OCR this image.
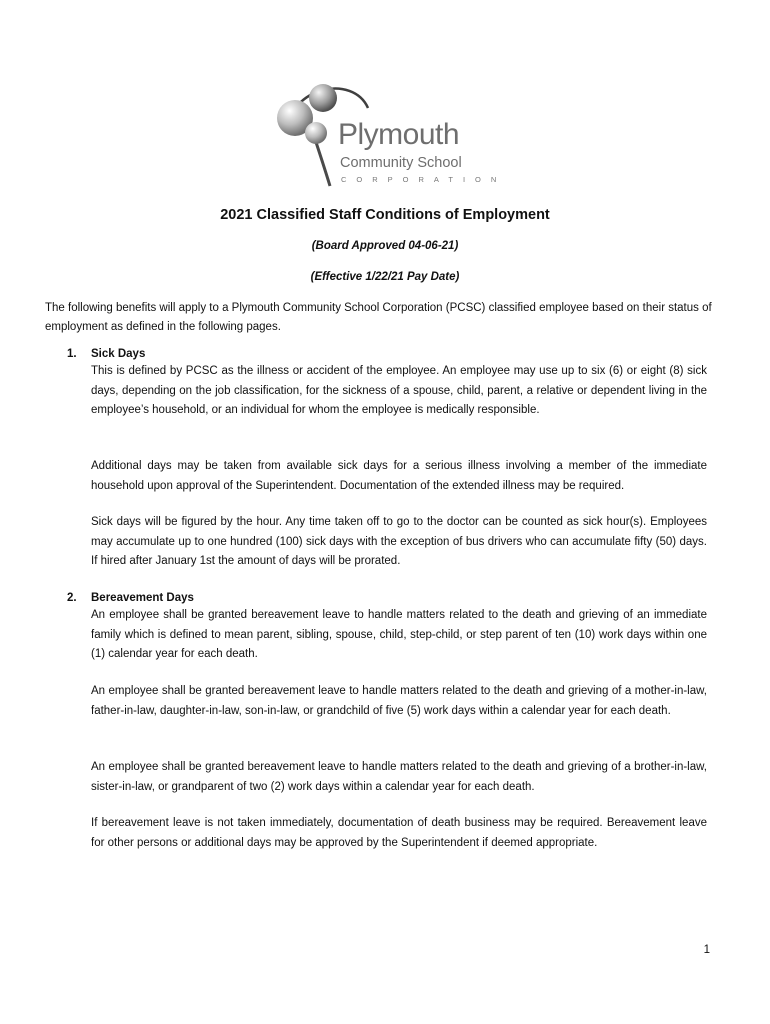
Plymouth
Community School
CORPORATION
2021 Classified Staff Conditions of Employment
(Board Approved 04-06-21)
(Effective 1/22/21 Pay Date)

The following benefits will apply to a Plymouth Community School Corporation (PCSC) classified employee based on their status of employment as defined in the following pages.

1. Sick Days

This is defined by PCSC as the illness or accident of the employee. An employee may use up to six (6) or eight (8) sick days, depending on the job classification, for the sickness of a spouse, child, parent, a relative or dependent living in the employee’s household, or an individual for whom the employee is medically responsible.

Additional days may be taken from available sick days for a serious illness involving a member of the immediate household upon approval of the Superintendent. Documentation of the extended illness may be required.

Sick days will be figured by the hour. Any time taken off to go to the doctor can be counted as sick hour(s). Employees may accumulate up to one hundred (100) sick days with the exception of bus drivers who can accumulate fifty (50) days. If hired after January 1st the amount of days will be prorated.

2. Bereavement Days

An employee shall be granted bereavement leave to handle matters related to the death and grieving of an immediate family which is defined to mean parent, sibling, spouse, child, step-child, or step parent of ten (10) work days within one (1) calendar year for each death.

An employee shall be granted bereavement leave to handle matters related to the death and grieving of a mother-in-law, father-in-law, daughter-in-law, son-in-law, or grandchild of five (5) work days within a calendar year for each death.

An employee shall be granted bereavement leave to handle matters related to the death and grieving of a brother-in-law, sister-in-law, or grandparent of two (2) work days within a calendar year for each death.

If bereavement leave is not taken immediately, documentation of death business may be required. Bereavement leave for other persons or additional days may be approved by the Superintendent if deemed appropriate.

1
